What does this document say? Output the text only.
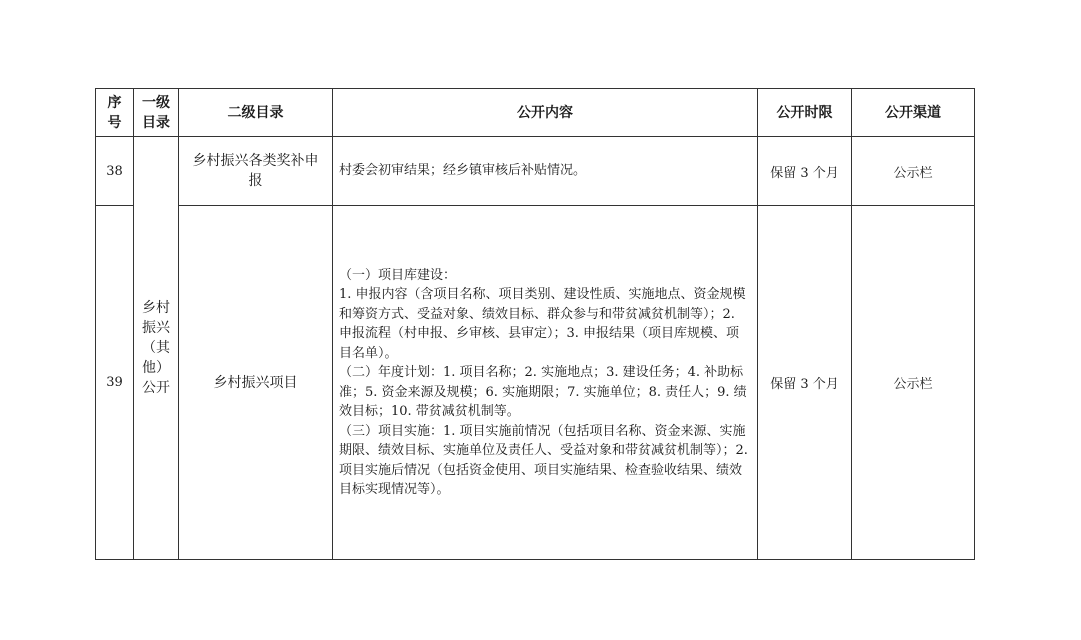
序号	一级目录	二级目录	公开内容	公开时限	公开渠道
38	乡村振兴（其他）公开	乡村振兴各类奖补申报	村委会初审结果；经乡镇审核后补贴情况。	保留 3 个月	公示栏
39		乡村振兴项目	（一）项目库建设：
1. 申报内容（含项目名称、项目类别、建设性质、实施地点、资金规模和筹资方式、受益对象、绩效目标、群众参与和带贫减贫机制等）；2. 申报流程（村申报、乡审核、县审定）；3. 申报结果（项目库规模、项目名单）。
（二）年度计划：1. 项目名称；2. 实施地点；3. 建设任务；4. 补助标准；5. 资金来源及规模；6. 实施期限；7. 实施单位；8. 责任人；9. 绩效目标；10. 带贫减贫机制等。
（三）项目实施：1. 项目实施前情况（包括项目名称、资金来源、实施期限、绩效目标、实施单位及责任人、受益对象和带贫减贫机制等）；2. 项目实施后情况（包括资金使用、项目实施结果、检查验收结果、绩效目标实现情况等）。	保留 3 个月	公示栏
